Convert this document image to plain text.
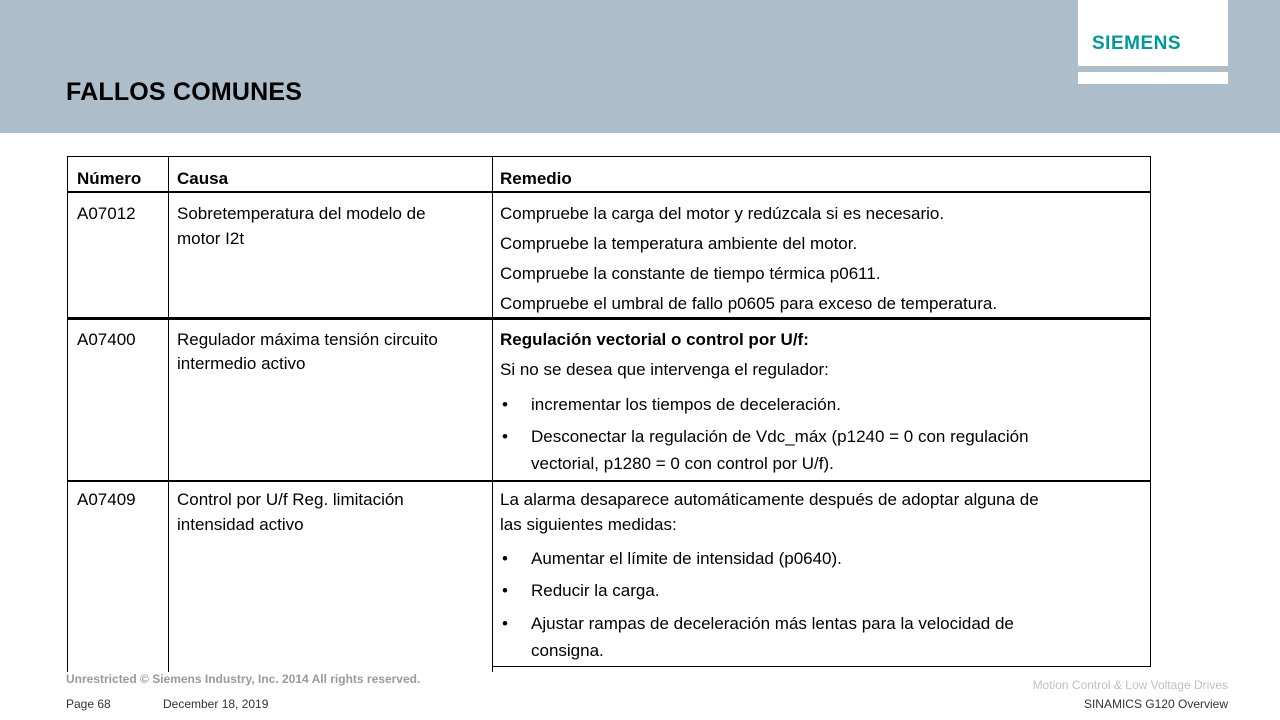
FALLOS COMUNES
SIEMENS
Número Causa	Remedio
A07012 Sobretemperatura del modelo de
motor I2t
Compruebe la carga del motor y redúzcala si es necesario.
Compruebe la temperatura ambiente del motor.
Compruebe la constante de tiempo térmica p0611.
Compruebe el umbral de fallo p0605 para exceso de temperatura.
A07400 Regulador máxima tensión circuito
intermedio activo
Regulación vectorial o control por U/f:
Si no se desea que intervenga el regulador:
• incrementar los tiempos de deceleración.
• Desconectar la regulación de Vdc_máx (p1240 = 0 con regulación
vectorial, p1280 = 0 con control por U/f).
A07409 Control por U/f Reg. limitación
intensidad activo
La alarma desaparece automáticamente después de adoptar alguna de
las siguientes medidas:
• Aumentar el límite de intensidad (p0640).
• Reducir la carga.
• Ajustar rampas de deceleración más lentas para la velocidad de
consigna.
Unrestricted © Siemens Industry, Inc. 2014 All rights reserved.
Page 68	December 18, 2019
Motion Control & Low Voltage Drives
SINAMICS G120 Overview
